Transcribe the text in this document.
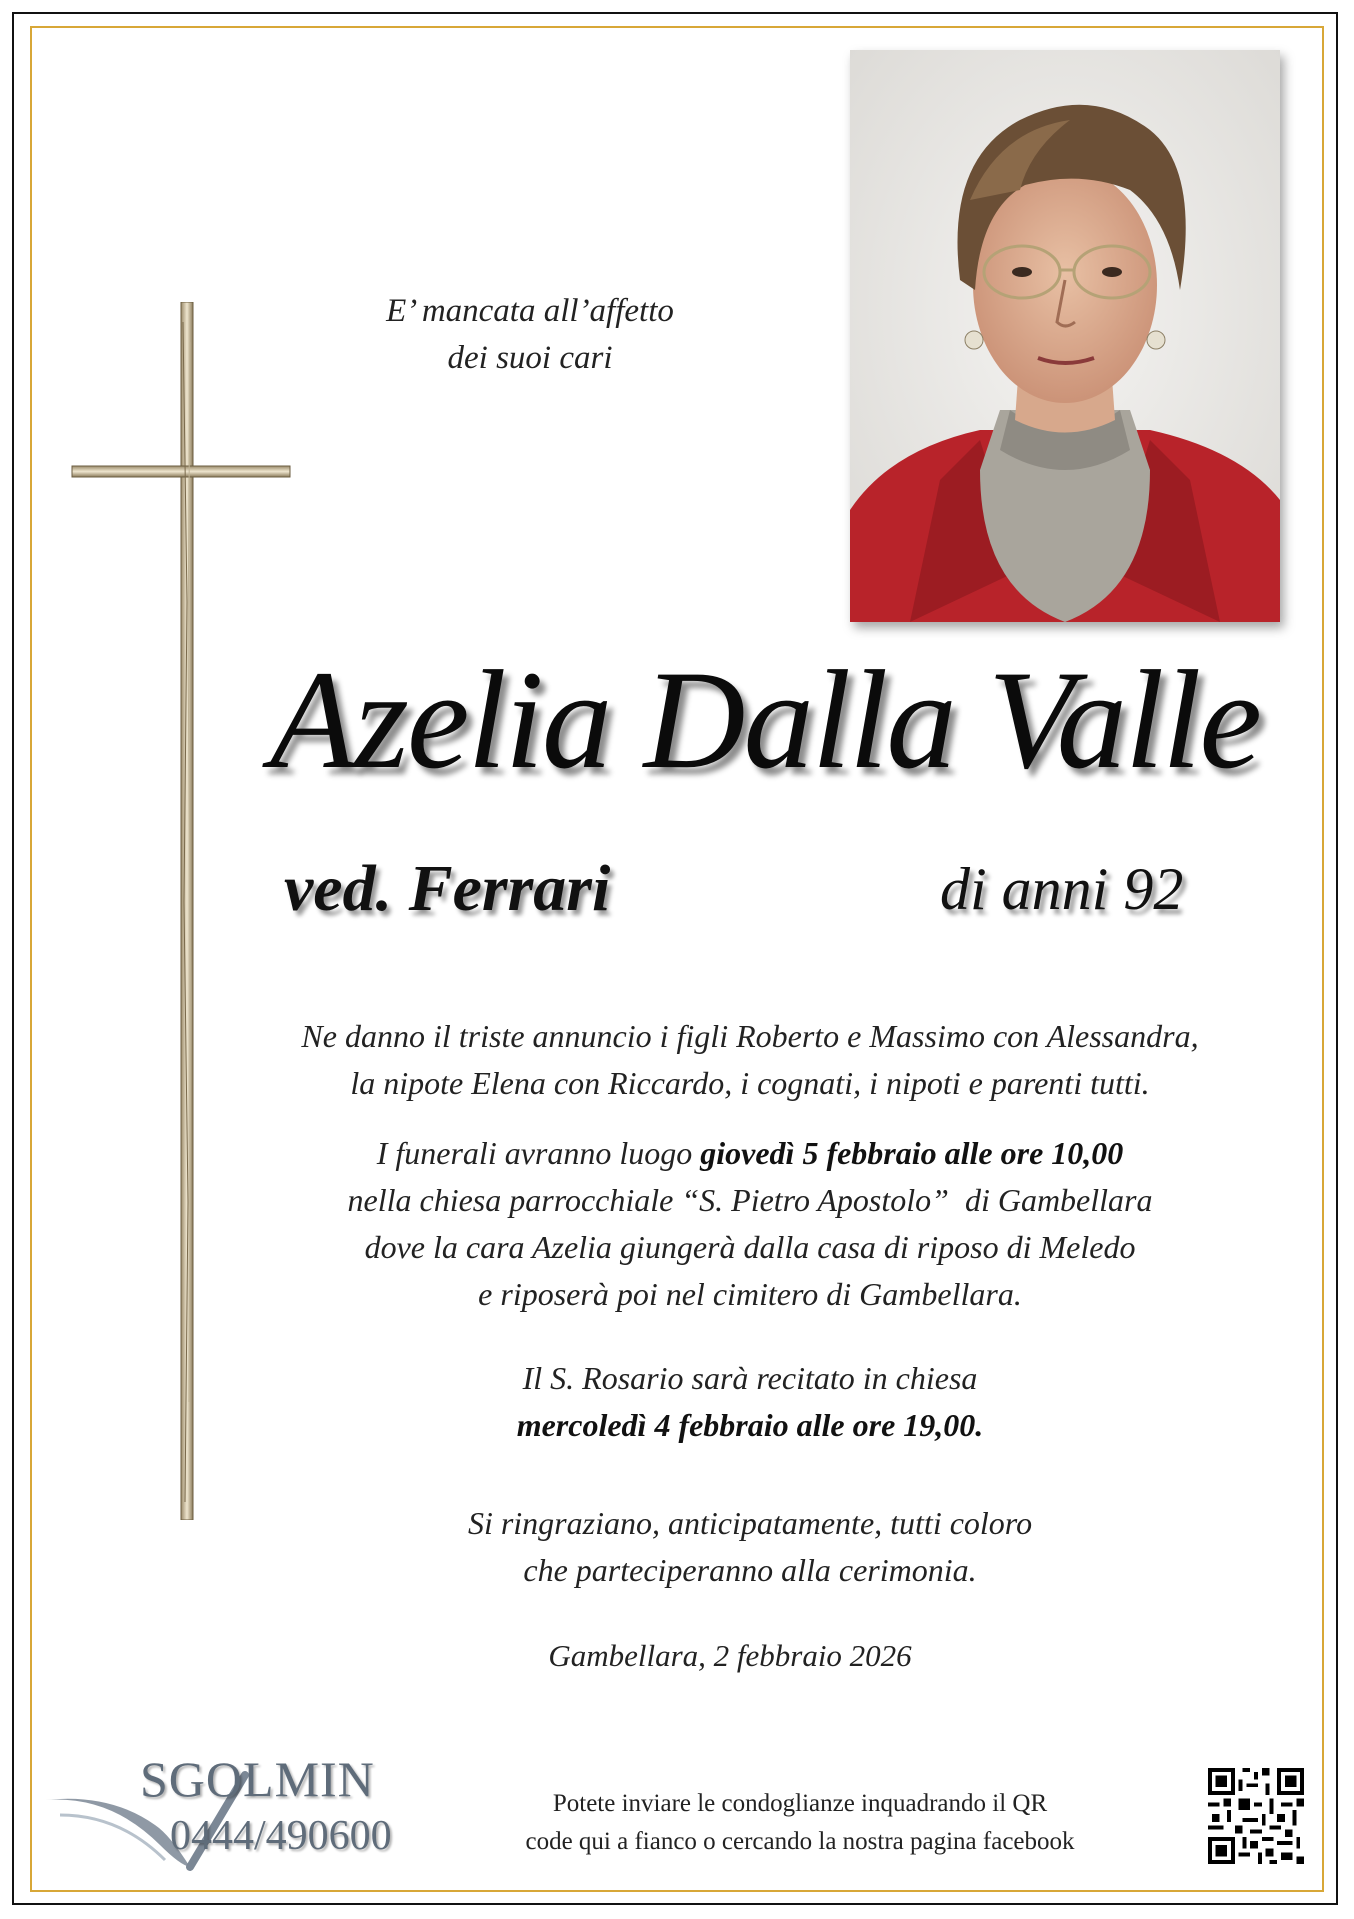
E’ mancata all’affetto
dei suoi cari
Azelia Dalla Valle
ved. Ferrari	di anni 92
Ne danno il triste annuncio i figli Roberto e Massimo con Alessandra,
la nipote Elena con Riccardo, i cognati, i nipoti e parenti tutti.
I funerali avranno luogo giovedì 5 febbraio alle ore 10,00
nella chiesa parrocchiale “S. Pietro Apostolo”  di Gambellara
dove la cara Azelia giungerà dalla casa di riposo di Meledo
e riposerà poi nel cimitero di Gambellara.
Il S. Rosario sarà recitato in chiesa
mercoledì 4 febbraio alle ore 19,00.
Si ringraziano, anticipatamente, tutti coloro
che parteciperanno alla cerimonia.
Gambellara, 2 febbraio 2026
SGOLMIN
0444/490600
Potete inviare le condoglianze inquadrando il QR
code qui a fianco o cercando la nostra pagina facebook
